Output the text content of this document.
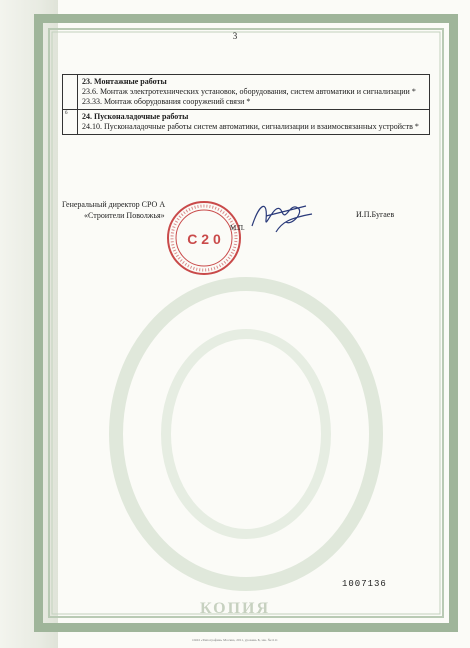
3

	23. Монтажные работы
23.6. Монтаж электротехнических установок, оборудования, систем автоматики и сигнализации *
23.33. Монтаж оборудования сооружений связи *

6	24. Пусконаладочные работы
24.10. Пусконаладочные работы систем автоматики, сигнализации и взаимосвязанных устройств *
Генеральный директор СРО А
«Строители Поволжья»
С 2 0
М.П.
И.П.Бугаев
1007136
КОПИЯ
ООО «Типография» Москва, 2011, уровень Б, зак. №1111
